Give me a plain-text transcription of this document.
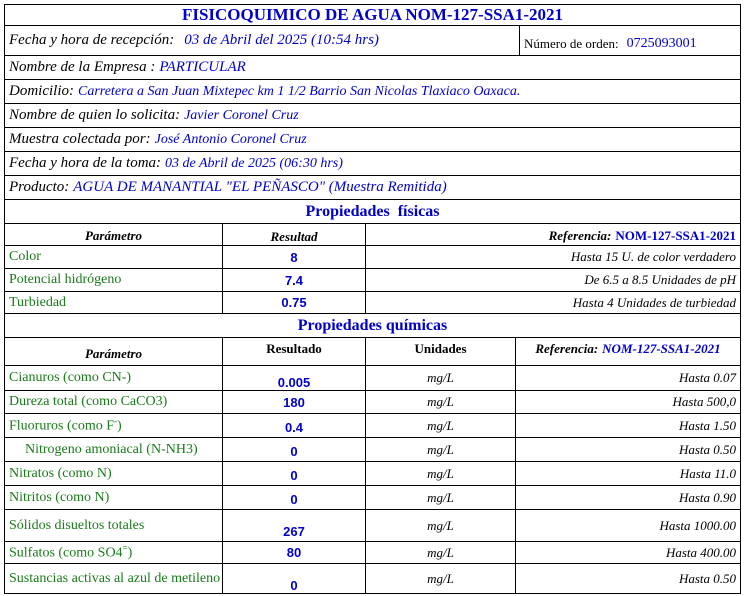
FISICOQUIMICO DE AGUA NOM-127-SSA1-2021
Fecha y hora de recepción:
03 de Abril del 2025 (10:54 hrs)	Número de orden: 0725093001
Nombre de la Empresa :
PARTICULAR
Domicilio:
Carretera a San Juan Mixtepec km 1 1/2 Barrio San Nicolas Tlaxiaco Oaxaca.
Nombre de quien lo solicita:
Javier Coronel Cruz
Muestra colectada por:
José Antonio Coronel Cruz
Fecha y hora de la toma:
03 de Abril de 2025 (06:30 hrs)
Producto:
AGUA DE MANANTIAL "EL PEÑASCO" (Muestra Remitida)
Propiedades  físicas
Parámetro	Resultad	Referencia:
NOM-127-SSA1-2021
Color	8	Hasta 15 U. de color verdadero
Potencial hidrógeno	7.4	De 6.5 a 8.5 Unidades de pH
Turbiedad	0.75	Hasta 4 Unidades de turbiedad
Propiedades químicas
Parámetro	Resultado	Unidades	Referencia:
NOM-127-SSA1-2021
Cianuros (como CN-)	0.005	mg/L	Hasta 0.07
Dureza total (como CaCO3)	180	mg/L	Hasta 500,0
Fluoruros (como F-)	0.4	mg/L	Hasta 1.50
Nitrogeno amoniacal (N-NH3)	0	mg/L	Hasta 0.50
Nitratos (como N)	0	mg/L	Hasta 11.0
Nitritos (como N)	0	mg/L	Hasta 0.90
Sólidos disueltos totales	267	mg/L	Hasta 1000.00
Sulfatos (como SO4=)	80	mg/L	Hasta 400.00
Sustancias activas al azul de metileno	0	mg/L	Hasta 0.50
